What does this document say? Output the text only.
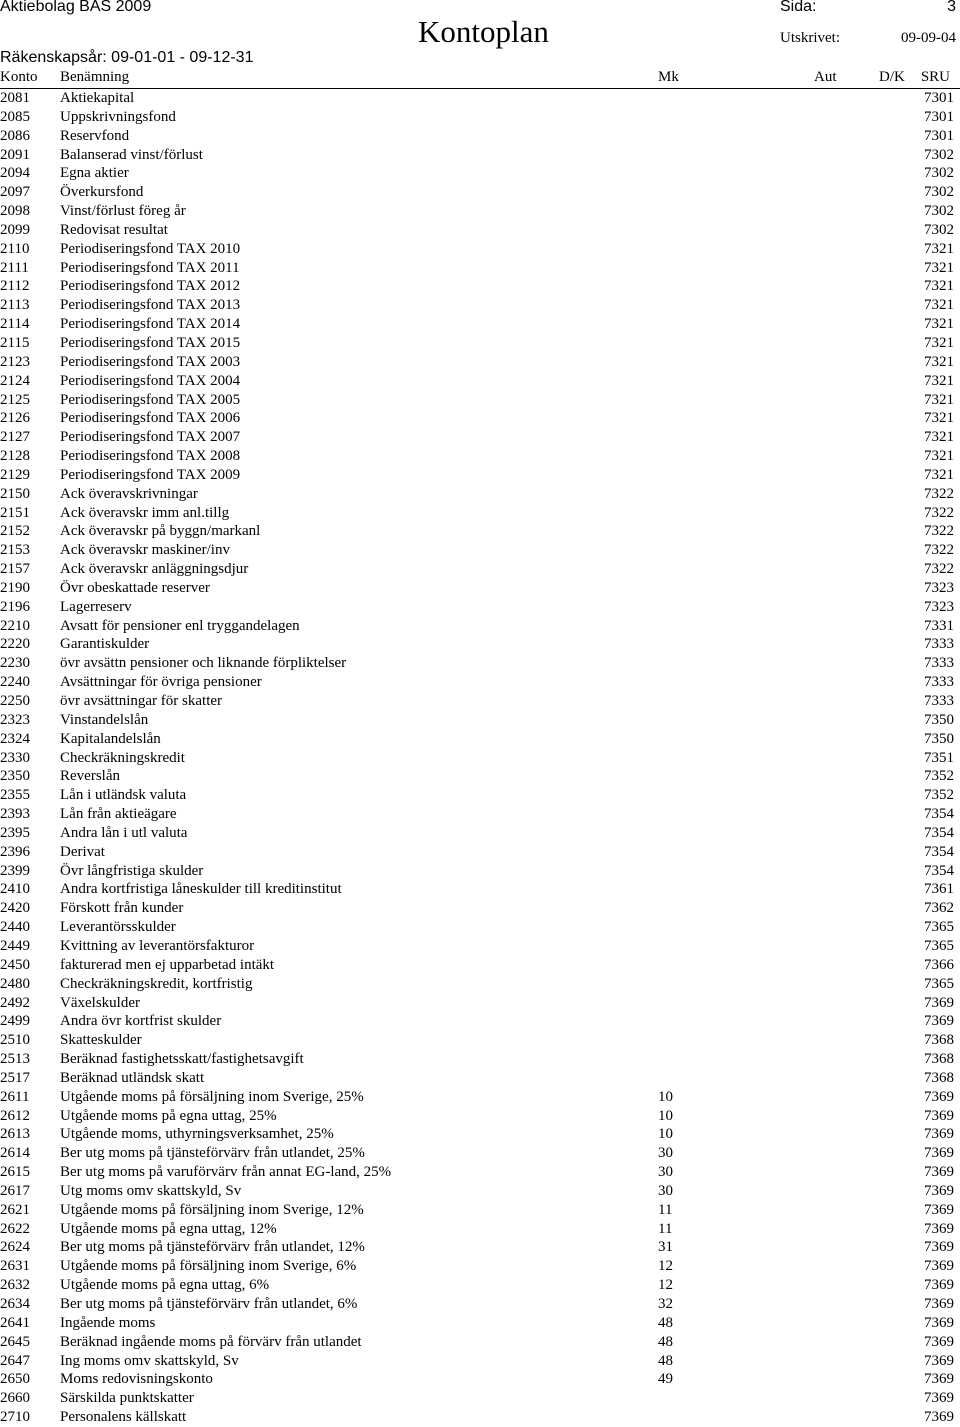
Aktiebolag BAS 2009
Kontoplan
Sida:	3
Utskrivet:	09-09-04
Räkenskapsår: 09-01-01 - 09-12-31
Konto Benämning	Mk	Aut	D/K SRU
2081 Aktiekapital	7301
2085 Uppskrivningsfond	7301
2086 Reservfond	7301
2091 Balanserad vinst/förlust	7302
2094 Egna aktier	7302
2097 Överkursfond	7302
2098 Vinst/förlust föreg år	7302
2099 Redovisat resultat	7302
2110 Periodiseringsfond TAX 2010	7321
2111 Periodiseringsfond TAX 2011	7321
2112 Periodiseringsfond TAX 2012	7321
2113 Periodiseringsfond TAX 2013	7321
2114 Periodiseringsfond TAX 2014	7321
2115 Periodiseringsfond TAX 2015	7321
2123 Periodiseringsfond TAX 2003	7321
2124 Periodiseringsfond TAX 2004	7321
2125 Periodiseringsfond TAX 2005	7321
2126 Periodiseringsfond TAX 2006	7321
2127 Periodiseringsfond TAX 2007	7321
2128 Periodiseringsfond TAX 2008	7321
2129 Periodiseringsfond TAX 2009	7321
2150 Ack överavskrivningar	7322
2151 Ack överavskr imm anl.tillg	7322
2152 Ack överavskr på byggn/markanl	7322
2153 Ack överavskr maskiner/inv	7322
2157 Ack överavskr anläggningsdjur	7322
2190 Övr obeskattade reserver	7323
2196 Lagerreserv	7323
2210 Avsatt för pensioner enl tryggandelagen	7331
2220 Garantiskulder	7333
2230 övr avsättn pensioner och liknande förpliktelser	7333
2240 Avsättningar för övriga pensioner	7333
2250 övr avsättningar för skatter	7333
2323 Vinstandelslån	7350
2324 Kapitalandelslån	7350
2330 Checkräkningskredit	7351
2350 Reverslån	7352
2355 Lån i utländsk valuta	7352
2393 Lån från aktieägare	7354
2395 Andra lån i utl valuta	7354
2396 Derivat	7354
2399 Övr långfristiga skulder	7354
2410 Andra kortfristiga låneskulder till kreditinstitut	7361
2420 Förskott från kunder	7362
2440 Leverantörsskulder	7365
2449 Kvittning av leverantörsfakturor	7365
2450 fakturerad men ej upparbetad intäkt	7366
2480 Checkräkningskredit, kortfristig	7365
2492 Växelskulder	7369
2499 Andra övr kortfrist skulder	7369
2510 Skatteskulder	7368
2513 Beräknad fastighetsskatt/fastighetsavgift	7368
2517 Beräknad utländsk skatt	7368
2611 Utgående moms på försäljning inom Sverige, 25%	10	7369
2612 Utgående moms på egna uttag, 25%	10	7369
2613 Utgående moms, uthyrningsverksamhet, 25%	10	7369
2614 Ber utg moms på tjänsteförvärv från utlandet, 25%	30	7369
2615 Ber utg moms på varuförvärv från annat EG-land, 25%	30	7369
2617 Utg moms omv skattskyld, Sv	30	7369
2621 Utgående moms på försäljning inom Sverige, 12%	11	7369
2622 Utgående moms på egna uttag, 12%	11	7369
2624 Ber utg moms på tjänsteförvärv från utlandet, 12%	31	7369
2631 Utgående moms på försäljning inom Sverige, 6%	12	7369
2632 Utgående moms på egna uttag, 6%	12	7369
2634 Ber utg moms på tjänsteförvärv från utlandet, 6%	32	7369
2641 Ingående moms	48	7369
2645 Beräknad ingående moms på förvärv från utlandet	48	7369
2647 Ing moms omv skattskyld, Sv	48	7369
2650 Moms redovisningskonto	49	7369
2660 Särskilda punktskatter	7369
2710 Personalens källskatt	7369
